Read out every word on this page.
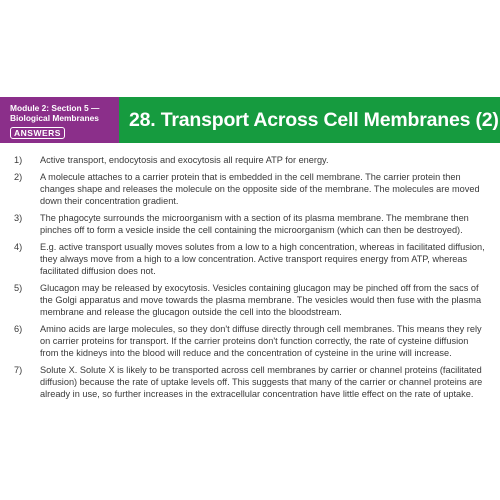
Module 2: Section 5 —
Biological Membranes
ANSWERS
28. Transport Across Cell Membranes (2)
1)	Active transport, endocytosis and exocytosis all require ATP for energy.
2)	A molecule attaches to a carrier protein that is embedded in the cell membrane. The carrier protein then changes shape and releases the molecule on the opposite side of the membrane. The molecules are moved down their concentration gradient.
3)	The phagocyte surrounds the microorganism with a section of its plasma membrane. The membrane then pinches off to form a vesicle inside the cell containing the microorganism (which can then be destroyed).
4)	E.g. active transport usually moves solutes from a low to a high concentration, whereas in facilitated diffusion, they always move from a high to a low concentration. Active transport requires energy from ATP, whereas facilitated diffusion does not.
5)	Glucagon may be released by exocytosis. Vesicles containing glucagon may be pinched off from the sacs of the Golgi apparatus and move towards the plasma membrane. The vesicles would then fuse with the plasma membrane and release the glucagon outside the cell into the bloodstream.
6)	Amino acids are large molecules, so they don't diffuse directly through cell membranes. This means they rely on carrier proteins for transport. If the carrier proteins don't function correctly, the rate of cysteine diffusion from the kidneys into the blood will reduce and the concentration of cysteine in the urine will increase.
7)	Solute X. Solute X is likely to be transported across cell membranes by carrier or channel proteins (facilitated diffusion) because the rate of uptake levels off. This suggests that many of the carrier or channel proteins are already in use, so further increases in the extracellular concentration have little effect on the rate of uptake.
